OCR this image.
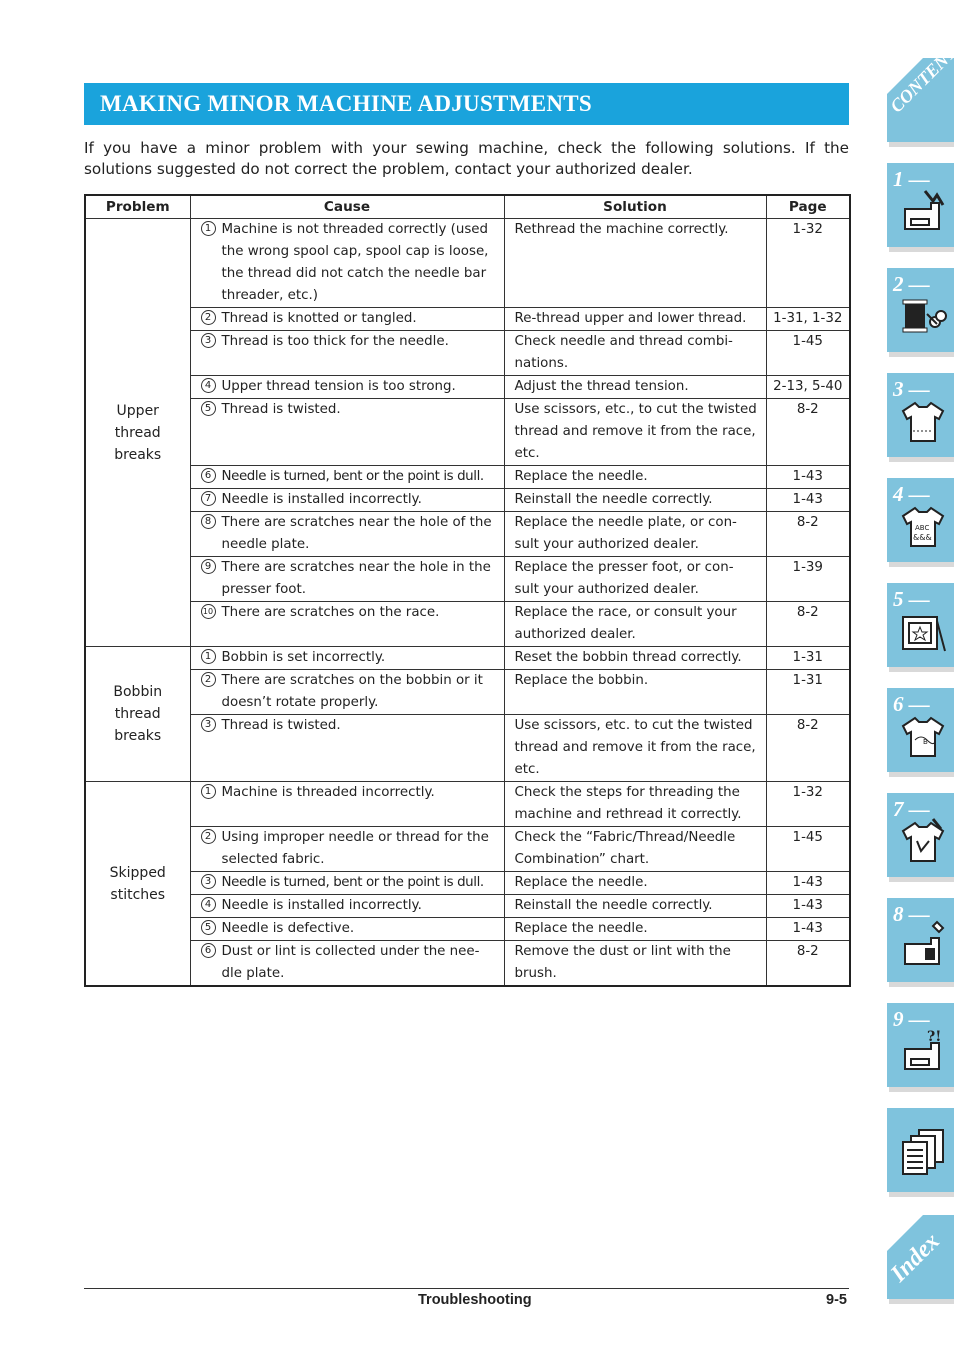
MAKING MINOR MACHINE ADJUSTMENTS

If you have a minor problem with your sewing machine, check the following solutions. If the solutions suggested do not correct the problem, contact your authorized dealer.

Problem	Cause	Solution	Page
Upper thread breaks	1 Machine is not threaded correctly (used the wrong spool cap, spool cap is loose, the thread did not catch the needle bar threader, etc.)	Rethread the machine correctly.	1-32

	2 Thread is knotted or tangled.	Re-thread upper and lower thread.	1-31, 1-32

	3 Thread is too thick for the needle.	Check needle and thread combi-nations.	1-45

	4 Upper thread tension is too strong.	Adjust the thread tension.	2-13, 5-40

	5 Thread is twisted.	Use scissors, etc., to cut the twisted thread and remove it from the race, etc.	8-2

	6 Needle is turned, bent or the point is dull.	Replace the needle.	1-43

	7 Needle is installed incorrectly.	Reinstall the needle correctly.	1-43

	8 There are scratches near the hole of the needle plate.	Replace the needle plate, or con-sult your authorized dealer.	8-2

	9 There are scratches near the hole in the presser foot.	Replace the presser foot, or con-sult your authorized dealer.	1-39

	10 There are scratches on the race.	Replace the race, or consult your authorized dealer.	8-2
Bobbin thread breaks	1 Bobbin is set incorrectly.	Reset the bobbin thread correctly.	1-31

	2 There are scratches on the bobbin or it doesn’t rotate properly.	Replace the bobbin.	1-31

	3 Thread is twisted.	Use scissors, etc. to cut the twisted thread and remove it from the race, etc.	8-2
Skipped stitches	1 Machine is threaded incorrectly.	Check the steps for threading the machine and rethread it correctly.	1-32

	2 Using improper needle or thread for the selected fabric.	Check the “Fabric/Thread/Needle Combination” chart.	1-45

	3 Needle is turned, bent or the point is dull.	Replace the needle.	1-43

	4 Needle is installed incorrectly.	Reinstall the needle correctly.	1-43

	5 Needle is defective.	Replace the needle.	1-43

	6 Dust or lint is collected under the nee-dle plate.	Remove the dust or lint with the brush.	8-2
Troubleshooting	9-5
CONTENTS
1 —
2 —
3 —
4 —
ABC
&&&
5 —
6 —
B
7 —
8 —
9 —
?!
Index
